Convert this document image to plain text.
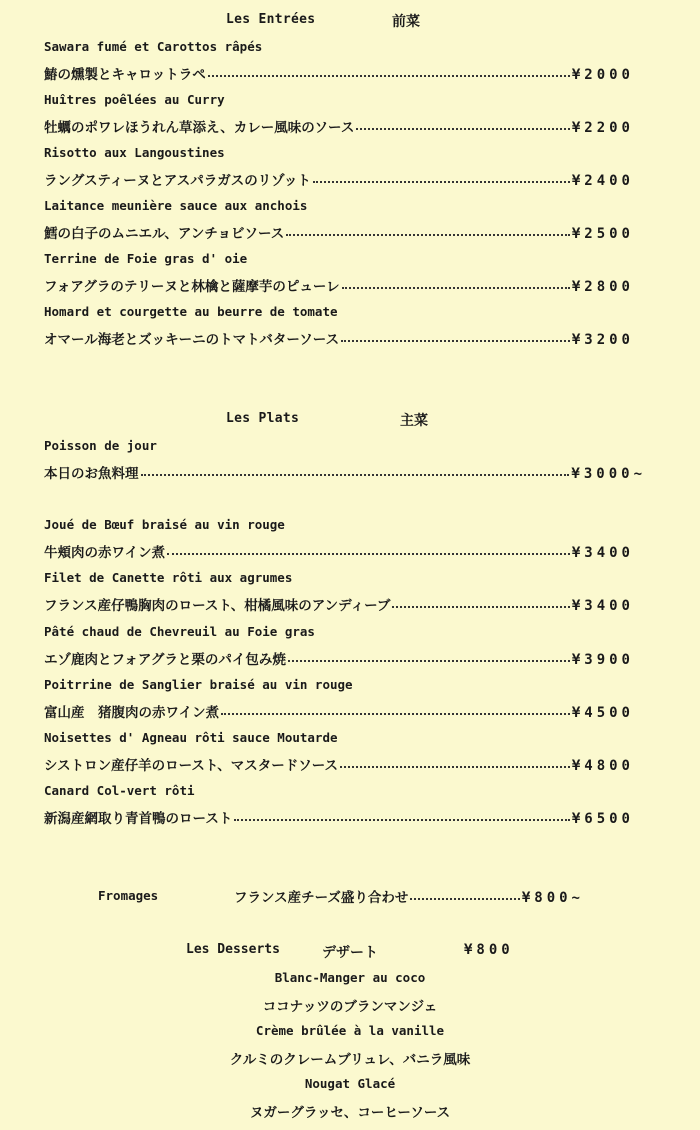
Les Entrées	前菜
Sawara fumé et Carottos râpés
鰆の燻製とキャロットラペ	¥2000
Huîtres poêlées au Curry
牡蠣のポワレほうれん草添え、カレー風味のソース	¥2200
Risotto aux Langoustines
ラングスティーヌとアスパラガスのリゾット	¥2400
Laitance meunière sauce aux anchois
鱈の白子のムニエル、アンチョビソース	¥2500
Terrine de Foie gras d' oie
フォアグラのテリーヌと林檎と薩摩芋のピューレ	¥2800
Homard et courgette au beurre de tomate
オマール海老とズッキーニのトマトバターソース	¥3200
Les Plats	主菜
Poisson de jour
本日のお魚料理	¥3000~
Joué de Bœuf braisé au vin rouge
牛頬肉の赤ワイン煮	¥3400
Filet de Canette rôti aux agrumes
フランス産仔鴨胸肉のロースト、柑橘風味のアンディーブ	¥3400
Pâté chaud de Chevreuil au Foie gras
エゾ鹿肉とフォアグラと栗のパイ包み焼	¥3900
Poitrrine de Sanglier braisé au vin rouge
富山産　猪腹肉の赤ワイン煮	¥4500
Noisettes d' Agneau rôti sauce Moutarde
シストロン産仔羊のロースト、マスタードソース	¥4800
Canard Col-vert rôti
新潟産網取り青首鴨のロースト	¥6500
Fromages	フランス産チーズ盛り合わせ	¥800~
Les Desserts	デザート	¥800
Blanc-Manger au coco
ココナッツのブランマンジェ
Crème brûlée à la vanille
クルミのクレームブリュレ、バニラ風味
Nougat Glacé
ヌガーグラッセ、コーヒーソース
